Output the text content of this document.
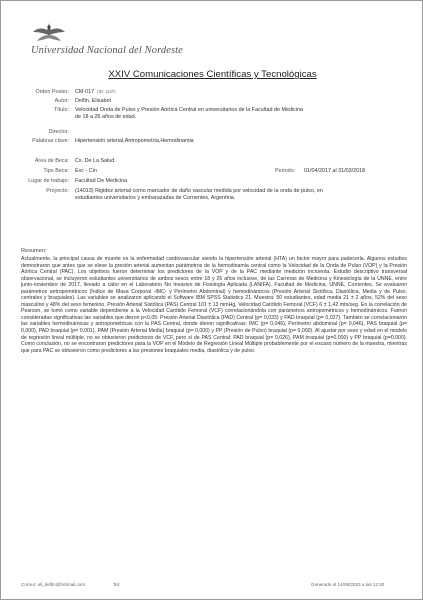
Universidad Nacional del Nordeste
XXIV Comunicaciones Científicas y Tecnológicas
Orden Poster: CM-017 (ID: 1147)
Autor: Delfin, Elisabet
Título: Velocidad Onda de Pulso y Presión Aórtica Central en universitarios de la Facultad de Medicina
de 18 a 26 años de edad.
Director:
Palabras clave: Hipertensión arterial,Antropometría,Hemodinamia
Área de Beca: Cs. De La Salud
Tipo Beca: Evc - Cin	Periodo: 01/04/2017 al 31/03/2018
Lugar de trabajo: Facultad De Medicina
Proyecto: (14013) Rigidez arterial como marcador de daño vascular medida por velocidad de la onda de pulso, en
estudiantes universitarios y embarazadas de Corrientes, Argentina.
Resumen:
Actualmente, la principal causa de muerte es la enfermedad cardiovascular siendo la hipertensión arterial (HTA) un factor mayor para padecerla. Algunos estudios demostraron que antes que se eleve la presión arterial aumentan parámetros de la hemodinamia central como la Velocidad de la Onda de Pulso (VOP) y la Presión Aórtica Central (PAC). Los objetivos fueron determinar los predictores de la VOP y de la PAC mediante medición incruenta. Estudio descriptivo transversal observacional, se incluyeron estudiantes universitarios de ambos sexos entre 18 y 26 años inclusive, de las Carreras de Medicina y Kinesiología de la UNNE, entre junio-noviembre de 2017, llevado a cabo en el Laboratorio No Invasivo de Fisiología Aplicada (LANIFA). Facultad de Medicina, UNNE, Corrientes. Se evaluaron parámetros antropométricos (Índice de Masa Corporal -IMC- y Perímetro Abdominal) y hemodinámicos (Presión Arterial Sistólica, Diastólica, Media y de Pulso, centrales y braquiales). Las variables se analizaron aplicando el Software IBM SPSS Statistics 21. Muestra: 50 estudiantes, edad media 21 ± 2 años, 52% del sexo masculino y 48% del sexo femenino. Presión Arterial Sistólica (PAS) Central 101 ± 13 mmHg, Velocidad Carótido Femoral (VCF) 6 ± 1,42 mts/seg. En la correlación de Pearson, se tomó como variable dependiente a la Velocidad Carótido Femoral (VCF) correlacionándola con parámetros antropométricos y hemodinámicos. Fueron consideradas significativas las variables que dieron p<0,05: Presión Arterial Diastólica (PAD) Central (p= 0,033) y PAD braquial (p= 0,027). También se correlacionaron las variables hemodinámicas y antropométricas con la PAS Central, donde dieron significativas: IMC (p= 0,046), Perímetro abdominal (p= 0,046), PAS braquial (p= 0,000), PAD braquial (p= 0,001), PAM (Presión Arterial Media) braquial (p= 0,000) y PP (Presión de Pulso) braquial (p= 0,000). Al ajustar por sexo y edad en el modelo de regresión lineal múltiple, no se obtuvieron predictores de VCF, pero sí de PAS Central: PAD braquial (p= 0,026), PAM braquial (p=0,000) y PP braquial (p=0,000). Como conclusión, no se encontraron predictores para la VOP en el Modelo de Regresión Lineal Múltiple probablemente por el escaso número de la muestra, mientras que para PAC se obtuvieron como predictores a las presiones braquiales media, diastólica y de pulso.
Correo: eli_delfin@hotmail.com	Tel:	Generado el 14/06/2023 a las 12:40
